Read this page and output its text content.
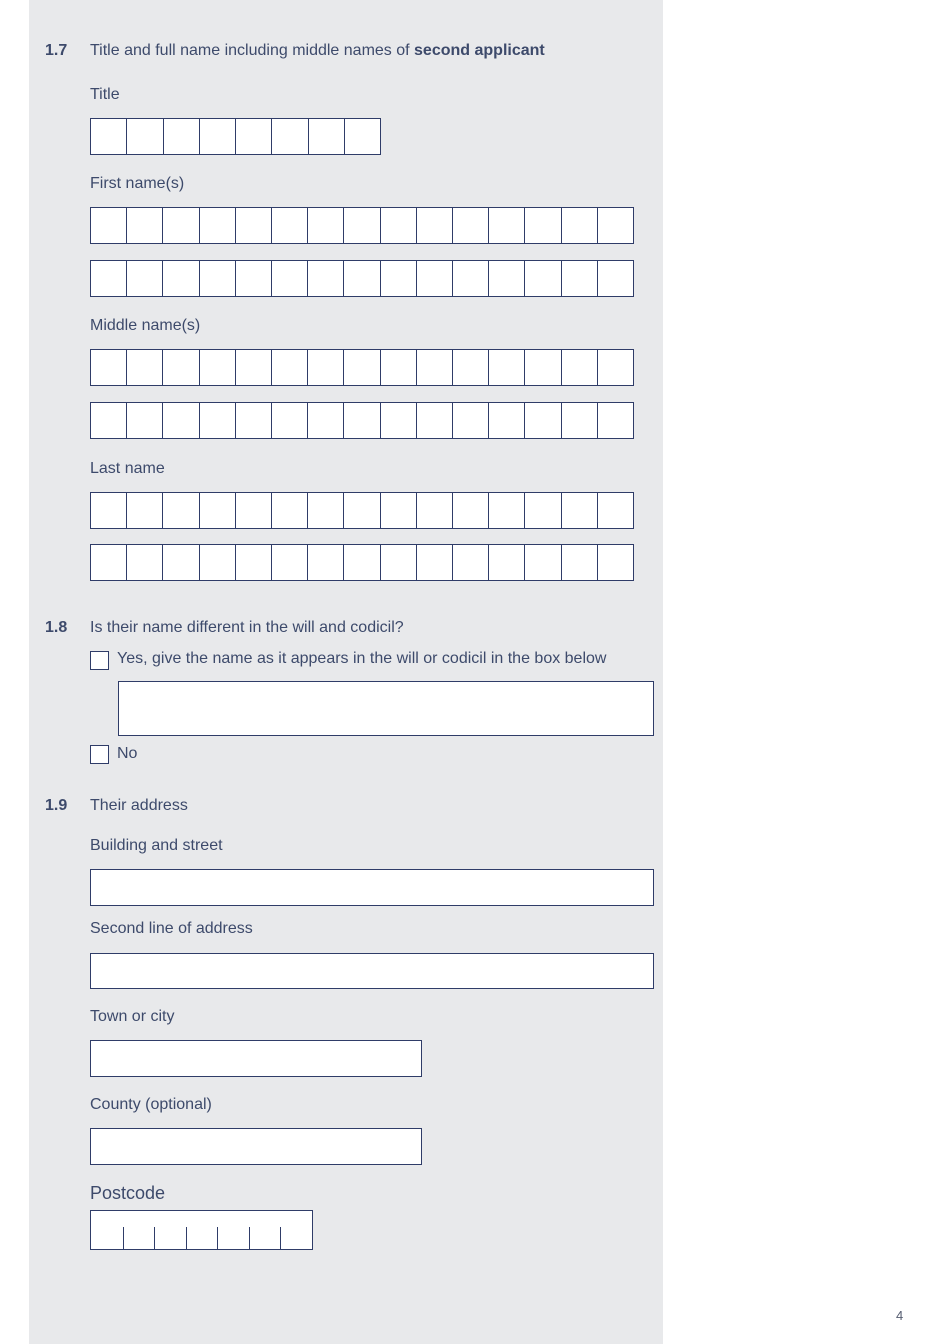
1.7 Title and full name including middle names of second applicant
Title
First name(s)
Middle name(s)
Last name
1.8 Is their name different in the will and codicil?
Yes, give the name as it appears in the will or codicil in the box below
No
1.9 Their address
Building and street
Second line of address
Town or city
County (optional)
Postcode
4
